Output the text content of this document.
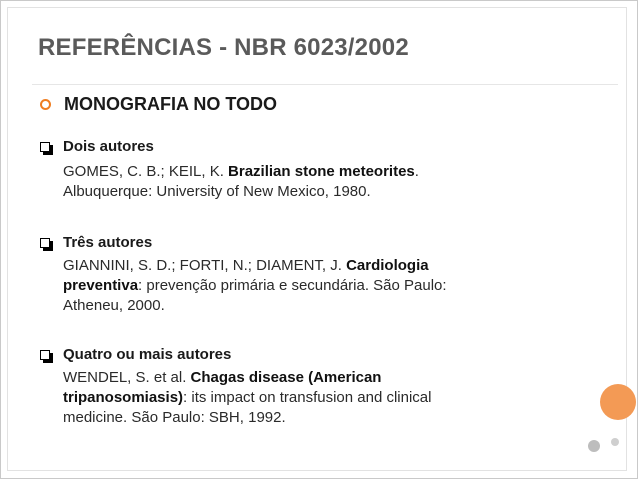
REFERÊNCIAS - NBR 6023/2002
MONOGRAFIA NO TODO
Dois autores
GOMES, C. B.; KEIL, K. Brazilian stone meteorites.
Albuquerque: University of New Mexico, 1980.
Três autores
GIANNINI, S. D.; FORTI, N.; DIAMENT, J. Cardiologia
preventiva: prevenção primária e secundária. São Paulo:
Atheneu, 2000.
Quatro ou mais autores
WENDEL, S. et al. Chagas disease (American
tripanosomiasis): its impact on transfusion and clinical
medicine. São Paulo: SBH, 1992.
